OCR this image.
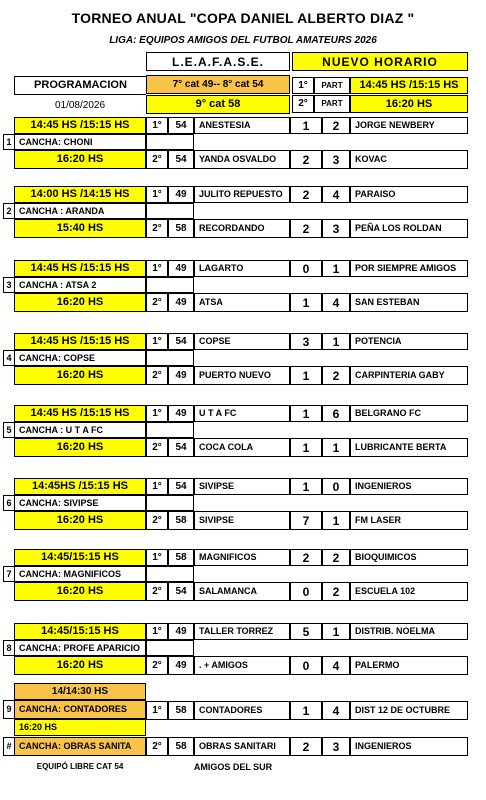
TORNEO ANUAL "COPA DANIEL ALBERTO DIAZ "
LIGA: EQUIPOS AMIGOS DEL FUTBOL AMATEURS 2026
L.E.A.F.A.S.E.	NUEVO HORARIO
PROGRAMACION	7° cat 49-- 8° cat 54	1°	PART	14:45 HS /15:15 HS
01/08/2026	9° cat 58	2°	PART	16:20 HS
14:45 HS /15:15 HS	1°	54	ANESTESIA	1	2	JORGE NEWBERY
1 CANCHA: CHONI
16:20 HS	2°	54	YANDA OSVALDO	2	3	KOVAC
14:00 HS /14:15 HS	1°	49	JULITO REPUESTO	2	4	PARAISO
2 CANCHA : ARANDA
15:40 HS	2°	58	RECORDANDO	2	3	PEÑA LOS ROLDAN
14:45 HS /15:15 HS	1°	49	LAGARTO	0	1	POR SIEMPRE AMIGOS
3 CANCHA : ATSA 2
16:20 HS	2°	49	ATSA	1	4	SAN ESTEBAN
14:45 HS /15:15 HS	1°	54	COPSE	3	1	POTENCIA
4 CANCHA: COPSE
16:20 HS	2°	49	PUERTO NUEVO	1	2	CARPINTERIA GABY
14:45 HS /15:15 HS	1°	49	U T A FC	1	6	BELGRANO FC
5 CANCHA : U T A FC
16:20 HS	2°	54	COCA COLA	1	1	LUBRICANTE BERTA
14:45HS /15:15 HS	1°	54	SIVIPSE	1	0	INGENIEROS
6 CANCHA: SIVIPSE
16:20 HS	2°	58	SIVIPSE	7	1	FM LASER
14:45/15:15 HS	1°	58	MAGNIFICOS	2	2	BIOQUIMICOS
7 CANCHA: MAGNIFICOS
16:20 HS	2°	54	SALAMANCA	0	2	ESCUELA 102
14:45/15:15 HS	1°	49	TALLER TORREZ	5	1	DISTRIB. NOELMA
8 CANCHA: PROFE APARICIO
16:20 HS	2°	49	. + AMIGOS	0	4	PALERMO
14/14:30 HS
9 CANCHA: CONTADORES	1°	58	CONTADORES	1	4	DIST 12 DE OCTUBRE
16:20 HS
# CANCHA: OBRAS SANITA	2°	58	OBRAS SANITARI	2	3	INGENIEROS
EQUIPÓ LIBRE CAT 54	AMIGOS DEL SUR
